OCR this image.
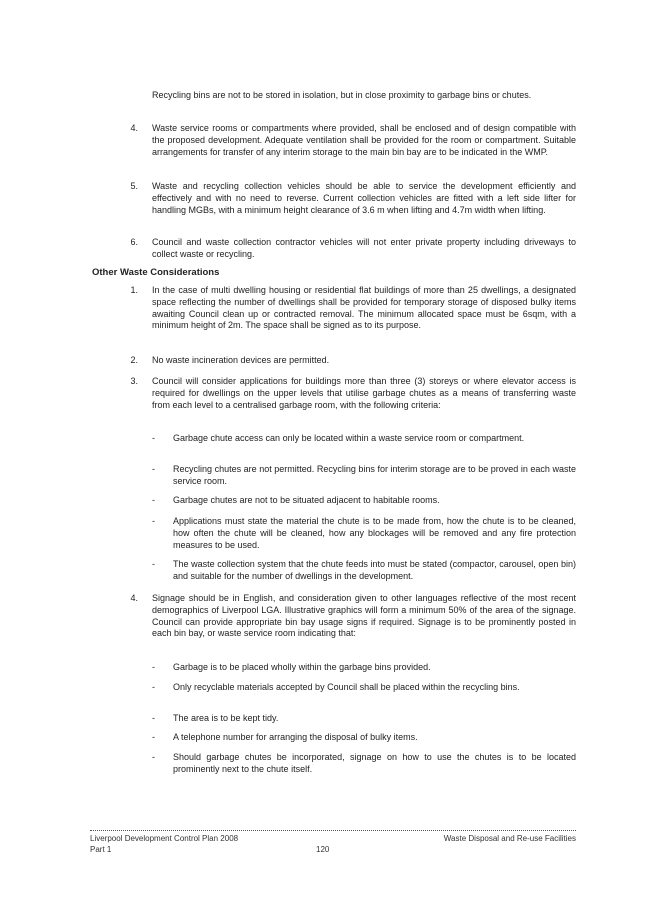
Recycling bins are not to be stored in isolation, but in close proximity to garbage bins or chutes.

4. Waste service rooms or compartments where provided, shall be enclosed and of design compatible with the proposed development. Adequate ventilation shall be provided for the room or compartment. Suitable arrangements for transfer of any interim storage to the main bin bay are to be indicated in the WMP.

5. Waste and recycling collection vehicles should be able to service the development efficiently and effectively and with no need to reverse. Current collection vehicles are fitted with a left side lifter for handling MGBs, with a minimum height clearance of 3.6 m when lifting and 4.7m width when lifting.

6. Council and waste collection contractor vehicles will not enter private property including driveways to collect waste or recycling.

Other Waste Considerations
1. In the case of multi dwelling housing or residential flat buildings of more than 25 dwellings, a designated space reflecting the number of dwellings shall be provided for temporary storage of disposed bulky items awaiting Council clean up or contracted removal. The minimum allocated space must be 6sqm, with a minimum height of 2m. The space shall be signed as to its purpose.

2. No waste incineration devices are permitted.

3. Council will consider applications for buildings more than three (3) storeys or where elevator access is required for dwellings on the upper levels that utilise garbage chutes as a means of transferring waste from each level to a centralised garbage room, with the following criteria:

- Garbage chute access can only be located within a waste service room or compartment.

- Recycling chutes are not permitted. Recycling bins for interim storage are to be proved in each waste service room.

- Garbage chutes are not to be situated adjacent to habitable rooms.

- Applications must state the material the chute is to be made from, how the chute is to be cleaned, how often the chute will be cleaned, how any blockages will be removed and any fire protection measures to be used.

- The waste collection system that the chute feeds into must be stated (compactor, carousel, open bin) and suitable for the number of dwellings in the development.

4. Signage should be in English, and consideration given to other languages reflective of the most recent demographics of Liverpool LGA. Illustrative graphics will form a minimum 50% of the area of the signage. Council can provide appropriate bin bay usage signs if required. Signage is to be prominently posted in each bin bay, or waste service room indicating that:

- Garbage is to be placed wholly within the garbage bins provided.

- Only recyclable materials accepted by Council shall be placed within the recycling bins.

- The area is to be kept tidy.

- A telephone number for arranging the disposal of bulky items.

- Should garbage chutes be incorporated, signage on how to use the chutes is to be located prominently next to the chute itself.

Liverpool Development Control Plan 2008
Part 1	120
Waste Disposal and Re-use Facilities
